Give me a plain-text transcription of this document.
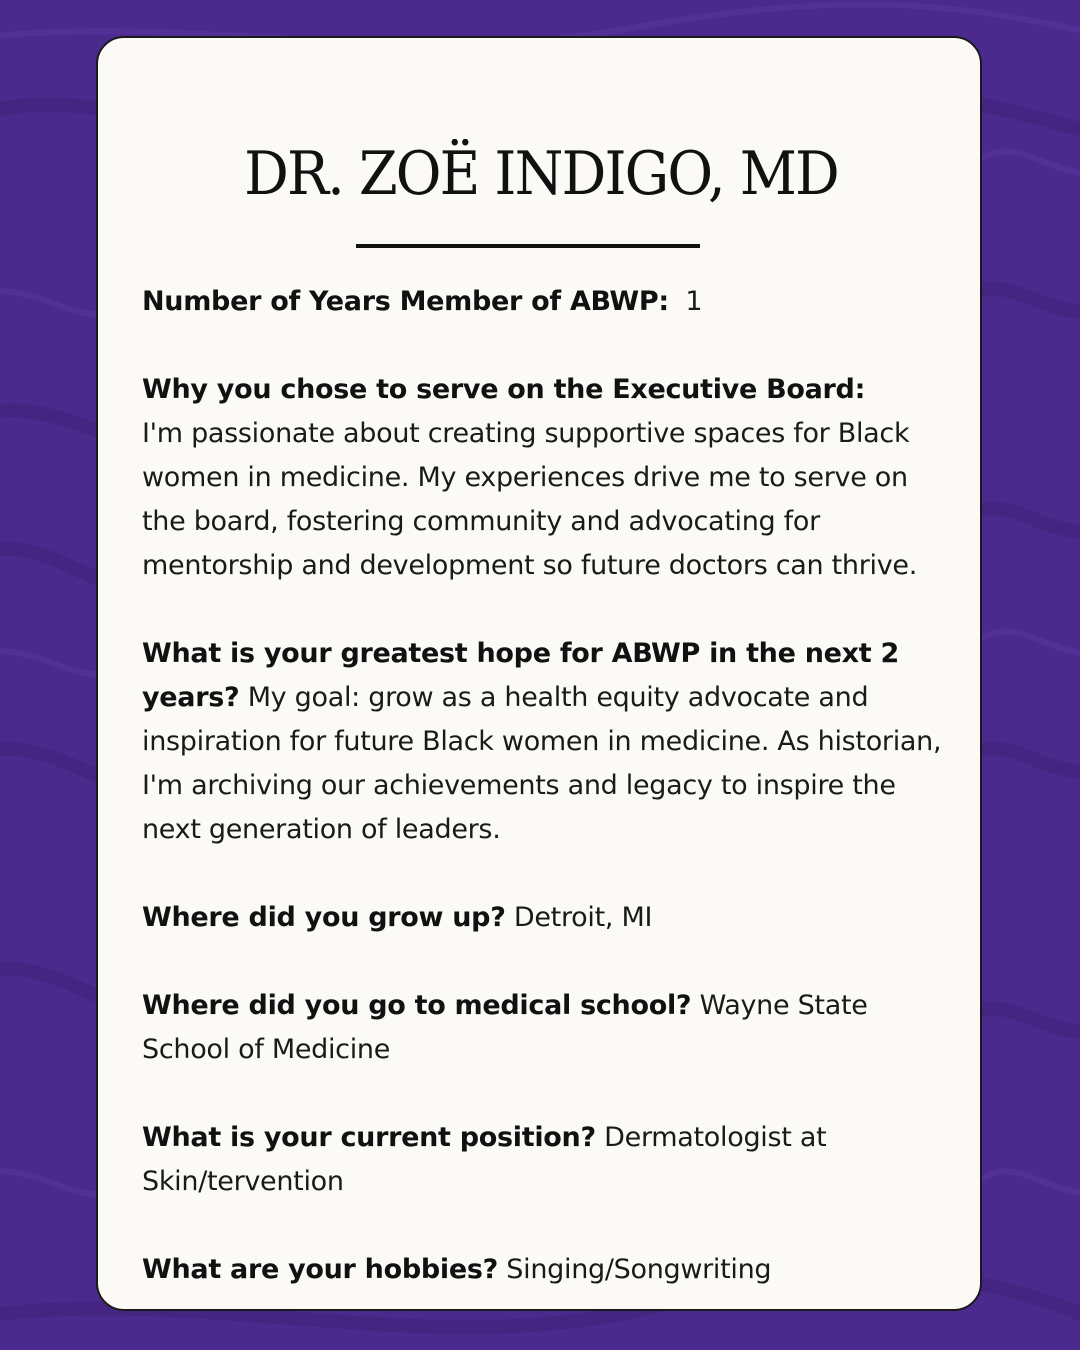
DR. ZOË INDIGO, MD

Number of Years Member of ABWP: 1

Why you chose to serve on the Executive Board:
I'm passionate about creating supportive spaces for Black women in medicine. My experiences drive me to serve on the board, fostering community and advocating for mentorship and development so future doctors can thrive.

What is your greatest hope for ABWP in the next 2 years? My goal: grow as a health equity advocate and inspiration for future Black women in medicine. As historian, I'm archiving our achievements and legacy to inspire the next generation of leaders.

Where did you grow up? Detroit, MI

Where did you go to medical school? Wayne State School of Medicine

What is your current position? Dermatologist at Skin/tervention

What are your hobbies? Singing/Songwriting
